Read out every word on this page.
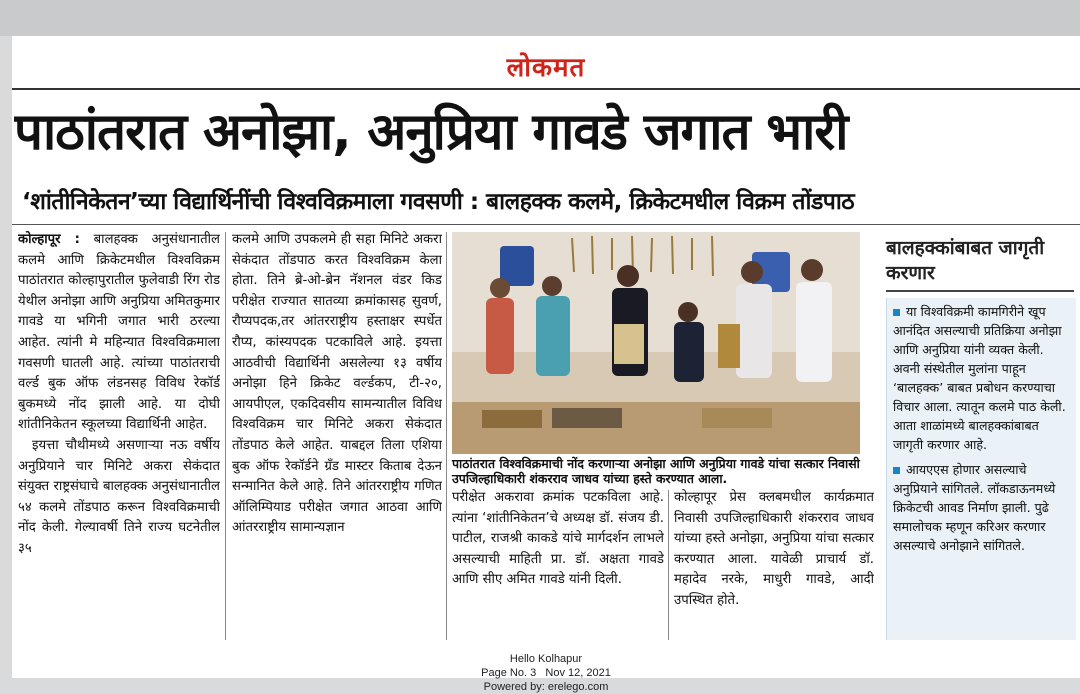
लोकमत
पाठांतरात अनोझा, अनुप्रिया गावडे जगात भारी
‘शांतीनिकेतन’च्या विद्यार्थिनींची विश्वविक्रमाला गवसणी : बालहक्क कलमे, क्रिकेटमधील विक्रम तोंडपाठ

कोल्हापूर : बालहक्क अनुसंधानातील कलमे आणि क्रिकेटमधील विश्वविक्रम पाठांतरात कोल्हापुरातील फुलेवाडी रिंग रोड येथील अनोझा आणि अनुप्रिया अमितकुमार गावडे या भगिनी जगात भारी ठरल्या आहेत. त्यांनी मे महिन्यात विश्वविक्रमाला गवसणी घातली आहे. त्यांच्या पाठांतराची वर्ल्ड बुक ऑफ लंडनसह विविध रेकॉर्ड बुकमध्ये नोंद झाली आहे. या दोघी शांतीनिकेतन स्कूलच्या विद्यार्थिनी आहेत.

इयत्ता चौथीमध्ये असणाऱ्या नऊ वर्षीय अनुप्रियाने चार मिनिटे अकरा सेकंदात संयुक्त राष्ट्रसंघाचे बालहक्क अनुसंधानातील ५४ कलमे तोंडपाठ करून विश्वविक्रमाची नोंद केली. गेल्यावर्षी तिने राज्य घटनेतील ३५

कलमे आणि उपकलमे ही सहा मिनिटे अकरा सेकंदात तोंडपाठ करत विश्वविक्रम केला होता. तिने ब्रे-ओ-ब्रेन नॅशनल वंडर किड परीक्षेत राज्यात सातव्या क्रमांकासह सुवर्ण, रौप्यपदक,तर आंतरराष्ट्रीय हस्ताक्षर स्पर्धेत रौप्य, कांस्यपदक पटकाविले आहे. इयत्ता आठवीची विद्यार्थिनी असलेल्या १३ वर्षीय अनोझा हिने क्रिकेट वर्ल्डकप, टी-२०, आयपीएल, एकदिवसीय सामन्यातील विविध विश्वविक्रम चार मिनिटे अकरा सेकंदात तोंडपाठ केले आहेत. याबद्दल तिला एशिया बुक ऑफ रेकॉर्डने ग्रँड मास्टर किताब देऊन सन्मानित केले आहे. तिने आंतरराष्ट्रीय गणित ऑलिम्पियाड परीक्षेत जगात आठवा आणि आंतरराष्ट्रीय सामान्यज्ञान

पाठांतरात विश्वविक्रमाची नोंद करणाऱ्या अनोझा आणि अनुप्रिया गावडे यांचा सत्कार निवासी उपजिल्हाधिकारी शंकरराव जाधव यांच्या हस्ते करण्यात आला.

परीक्षेत अकरावा क्रमांक पटकविला आहे. त्यांना ‘शांतीनिकेतन’चे अध्यक्ष डॉ. संजय डी. पाटील, राजश्री काकडे यांचे मार्गदर्शन लाभले असल्याची माहिती प्रा. डॉ. अक्षता गावडे आणि सीए अमित गावडे यांनी दिली.

कोल्हापूर प्रेस क्लबमधील कार्यक्रमात निवासी उपजिल्हाधिकारी शंकरराव जाधव यांच्या हस्ते अनोझा, अनुप्रिया यांचा सत्कार करण्यात आला. यावेळी प्राचार्य डॉ. महादेव नरके, माधुरी गावडे, आदी उपस्थित होते.

बालहक्कांबाबत जागृती करणार

या विश्वविक्रमी कामगिरीने खूप आनंदित असल्याची प्रतिक्रिया अनोझा आणि अनुप्रिया यांनी व्यक्त केली. अवनी संस्थेतील मुलांना पाहून ‘बालहक्क’ बाबत प्रबोधन करण्याचा विचार आला. त्यातून कलमे पाठ केली. आता शाळांमध्ये बालहक्कांबाबत जागृती करणार आहे.

आयएएस होणार असल्याचे अनुप्रियाने सांगितले. लॉकडाऊनमध्ये क्रिकेटची आवड निर्माण झाली. पुढे समालोचक म्हणून करिअर करणार असल्याचे अनोझाने सांगितले.

Hello Kolhapur
Page No. 3 Nov 12, 2021
Powered by: erelego.com
